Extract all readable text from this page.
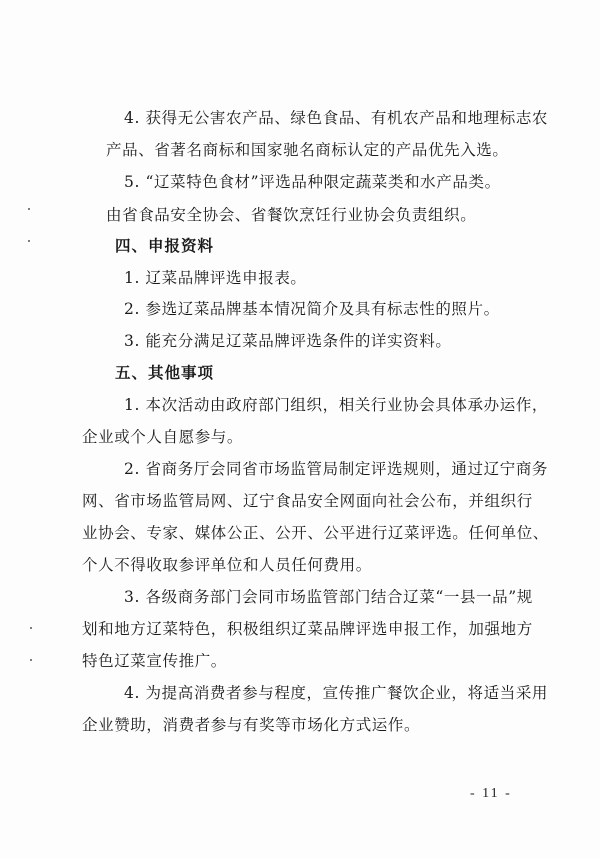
4. 获得无公害农产品、绿色食品、有机农产品和地理标志农
产品、省著名商标和国家驰名商标认定的产品优先入选。
5. “辽菜特色食材”评选品种限定蔬菜类和水产品类。
由省食品安全协会、省餐饮烹饪行业协会负责组织。
四、申报资料
1. 辽菜品牌评选申报表。
2. 参选辽菜品牌基本情况简介及具有标志性的照片。
3. 能充分满足辽菜品牌评选条件的详实资料。
五、其他事项
1. 本次活动由政府部门组织，相关行业协会具体承办运作，
企业或个人自愿参与。
2. 省商务厅会同省市场监管局制定评选规则，通过辽宁商务
网、省市场监管局网、辽宁食品安全网面向社会公布，并组织行
业协会、专家、媒体公正、公开、公平进行辽菜评选。任何单位、
个人不得收取参评单位和人员任何费用。
3. 各级商务部门会同市场监管部门结合辽菜“一县一品”规
划和地方辽菜特色，积极组织辽菜品牌评选申报工作，加强地方
特色辽菜宣传推广。
4. 为提高消费者参与程度，宣传推广餐饮企业，将适当采用
企业赞助，消费者参与有奖等市场化方式运作。
- 11 -
